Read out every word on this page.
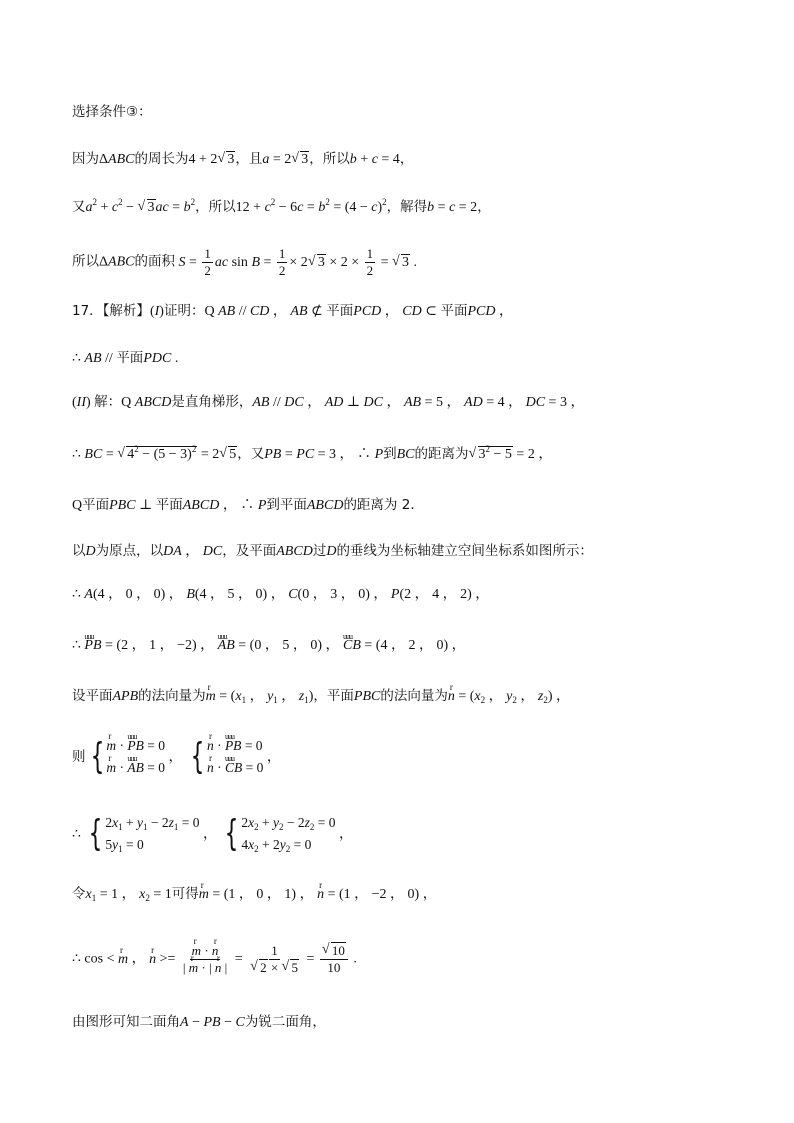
选择条件③：
因为ΔABC的周长为4 + 2√ 3，且a = 2√ 3，所以b + c = 4，
又$a^2 + c^2$ − √ $3ac = b^2$，所以$12 + c^2 - 6c = b^2 = (4 - c)^2$，解得b = c = 2，
所以ΔABC的面积 $S = \frac{1}{2}$ ac $\sin B = \frac{1}{2} \times 2√$ $3 \times 2 \times \frac{1}{2}$ = √ 3 .
17．【解析】(I)证明：Q AB // CD ， AB ⊄ 平面PCD ， CD ⊂ 平面PCD ，
∴ AB // 平面PDC .
(II) 解：Q ABCD是直角梯形，AB // DC ， AD ⊥ DC ， AB = 5 ， AD = 4 ， DC = 3 ，
∴ BC = √ $4^2 - (5 - 3)^2 = 2√$ 5，又PB = PC = 3 ， ∴ P到BC的距离为√ $3^2 - 5 = 2$ ，
Q平面PBC ⊥ 平面ABCD ， ∴ P到平面ABCD的距离为 2．
以D为原点，以DA ， DC，及平面ABCD过D的垂线为坐标轴建立空间坐标系如图所示：
∴ A(4 ， 0 ， 0) ， B(4 ， 5 ， 0) ， C(0 ， 3 ， 0) ， P(2 ， 4 ， 2) ，
∴ uuu PB = (2 ， 1 ， −2) ， uuu AB = (0 ， 5 ， 0) ， uuu CB = (4 ， 2 ， 0) ，
设平面APB的法向量为r $m = (x_1$ ， $y_1$ ， $z_1$)，平面PBC的法向量为r $n = (x_2$ ， $y_2$ ， $z_2$) ，
则 {
r m · uuu PB = 0
r m · uuu AB = 0
， {
r n · uuu PB = 0
r n · uuu CB = 0
，
∴ { $2x_1 + y_1 - 2z_1 = 0$
$5y_1 = 0$
， { $2x_2 + y_2 - 2z_2 = 0$
$4x_2 + 2y_2 = 0$
，
令$x_1 = 1$ ， $x_2 = 1$可得r m = (1 ， 0 ， 1) ， r n = (1 ， −2 ， 0) ，
∴ cos < r m ， r n >=
r $\frac{\text{m · r n}}{\text{| r m · | r n |}} = 1$
√ 2 × √ 5 =
√ $\frac{10}{10}$ .
由图形可知二面角A − PB − C为锐二面角，
